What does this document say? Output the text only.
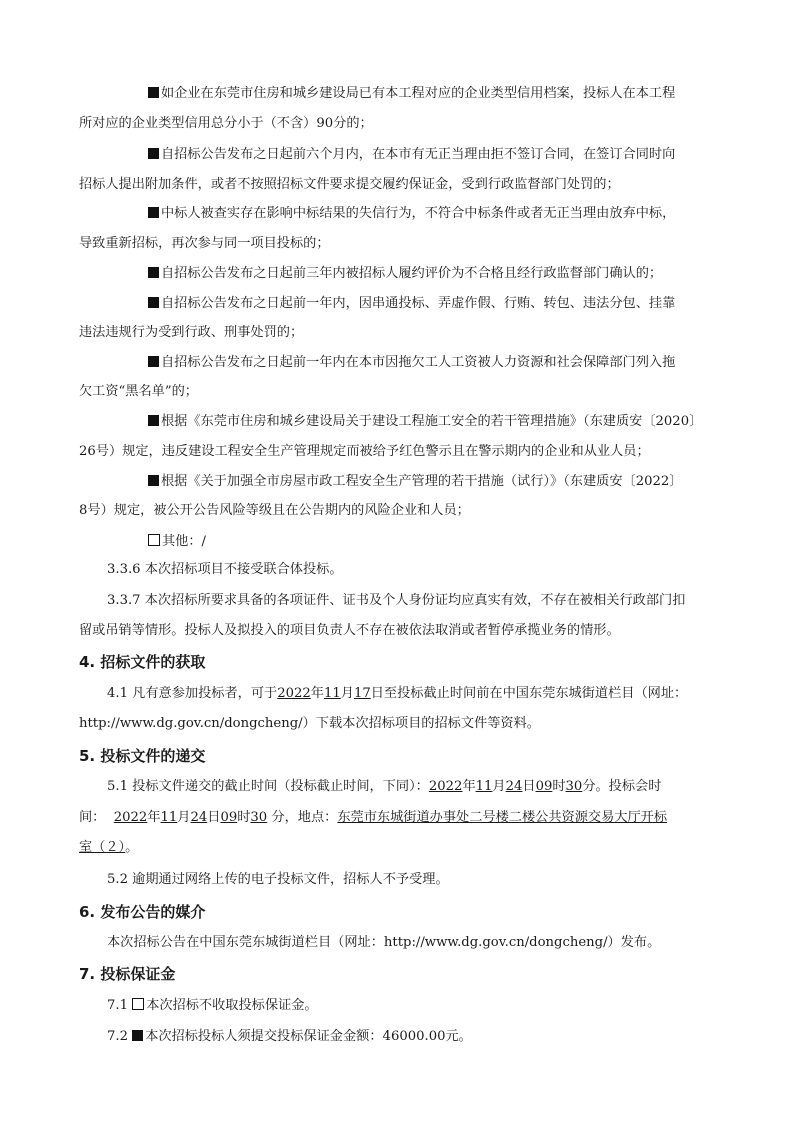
如企业在东莞市住房和城乡建设局已有本工程对应的企业类型信用档案，投标人在本工程
所对应的企业类型信用总分小于（不含）90分的；
自招标公告发布之日起前六个月内，在本市有无正当理由拒不签订合同，在签订合同时向
招标人提出附加条件，或者不按照招标文件要求提交履约保证金，受到行政监督部门处罚的；
中标人被查实存在影响中标结果的失信行为，不符合中标条件或者无正当理由放弃中标，
导致重新招标，再次参与同一项目投标的；
自招标公告发布之日起前三年内被招标人履约评价为不合格且经行政监督部门确认的；
自招标公告发布之日起前一年内，因串通投标、弄虚作假、行贿、转包、违法分包、挂靠
违法违规行为受到行政、刑事处罚的；
自招标公告发布之日起前一年内在本市因拖欠工人工资被人力资源和社会保障部门列入拖
欠工资“黑名单”的；
根据《东莞市住房和城乡建设局关于建设工程施工安全的若干管理措施》（东建质安〔2020〕
26号）规定，违反建设工程安全生产管理规定而被给予红色警示且在警示期内的企业和从业人员；
根据《关于加强全市房屋市政工程安全生产管理的若干措施（试行）》（东建质安〔2022〕
8号）规定，被公开公告风险等级且在公告期内的风险企业和人员；
其他：/
3.3.6 本次招标项目不接受联合体投标。
3.3.7 本次招标所要求具备的各项证件、证书及个人身份证均应真实有效，不存在被相关行政部门扣
留或吊销等情形。投标人及拟投入的项目负责人不存在被依法取消或者暂停承揽业务的情形。
4. 招标文件的获取
4.1 凡有意参加投标者，可于2022年11月17日至投标截止时间前在中国东莞东城街道栏目（网址：
http://www.dg.gov.cn/dongcheng/）下载本次招标项目的招标文件等资料。
5. 投标文件的递交
5.1 投标文件递交的截止时间（投标截止时间，下同）：2022年11月24日09时30分。投标会时
间： 2022年11月24日09时30 分，地点：东莞市东城街道办事处二号楼二楼公共资源交易大厅开标
室（２）。
5.2 逾期通过网络上传的电子投标文件，招标人不予受理。
6. 发布公告的媒介
本次招标公告在中国东莞东城街道栏目（网址：http://www.dg.gov.cn/dongcheng/）发布。
7. 投标保证金
7.1 本次招标不收取投标保证金。
7.2 本次招标投标人须提交投标保证金金额：46000.00元。
